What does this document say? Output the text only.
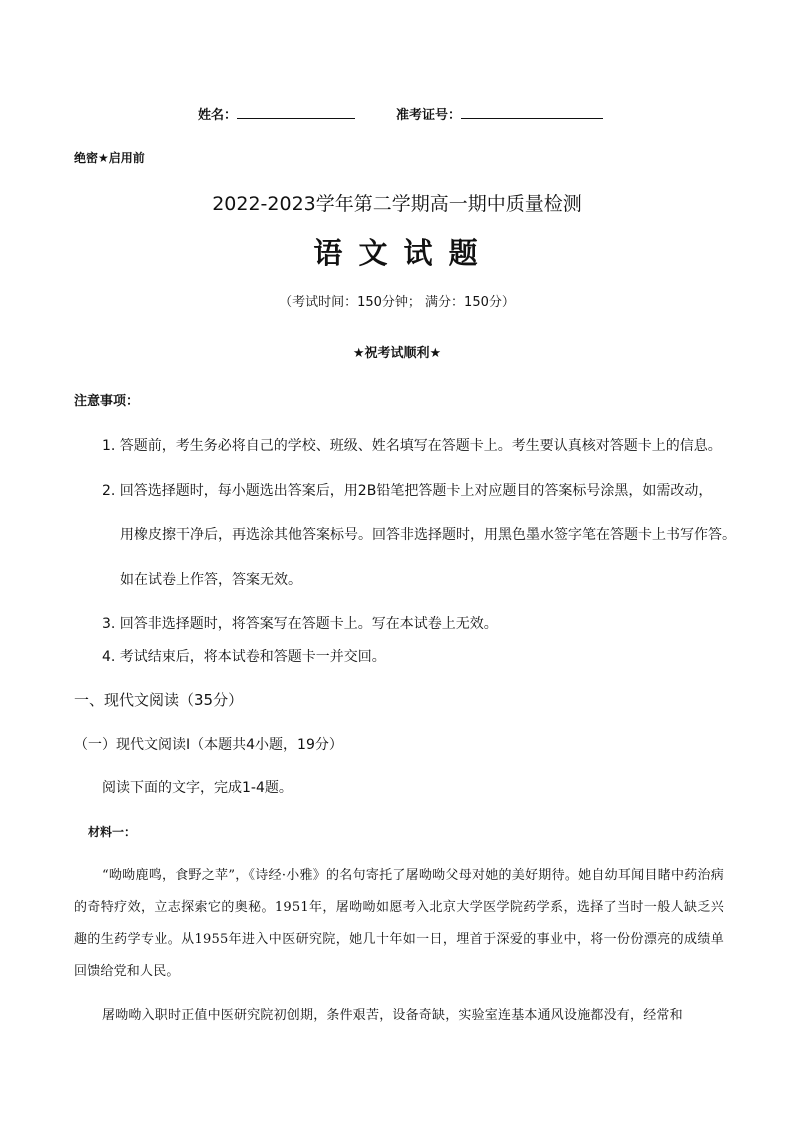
姓名：	准考证号：
绝密★启用前
2022-2023学年第二学期高一期中质量检测
语 文 试 题
（考试时间：150分钟； 满分：150分）
★祝考试顺利★
注意事项：
1. 答题前，考生务必将自己的学校、班级、姓名填写在答题卡上。考生要认真核对答题卡上的信息。
2. 回答选择题时，每小题选出答案后，用2B铅笔把答题卡上对应题目的答案标号涂黑，如需改动，
用橡皮擦干净后，再选涂其他答案标号。回答非选择题时，用黑色墨水签字笔在答题卡上书写作答。
如在试卷上作答，答案无效。
3. 回答非选择题时，将答案写在答题卡上。写在本试卷上无效。
4. 考试结束后，将本试卷和答题卡一并交回。
一、现代文阅读（35分）
（一）现代文阅读Ⅰ（本题共4小题，19分）
阅读下面的文字，完成1-4题。
材料一：
“呦呦鹿鸣，食野之苹”，《诗经·小雅》的名句寄托了屠呦呦父母对她的美好期待。她自幼耳闻目睹中药治病的奇特疗效，立志探索它的奥秘。1951年，屠呦呦如愿考入北京大学医学院药学系，选择了当时一般人缺乏兴趣的生药学专业。从1955年进入中医研究院，她几十年如一日，埋首于深爱的事业中，将一份份漂亮的成绩单回馈给党和人民。
屠呦呦入职时正值中医研究院初创期，条件艰苦，设备奇缺，实验室连基本通风设施都没有，经常和
